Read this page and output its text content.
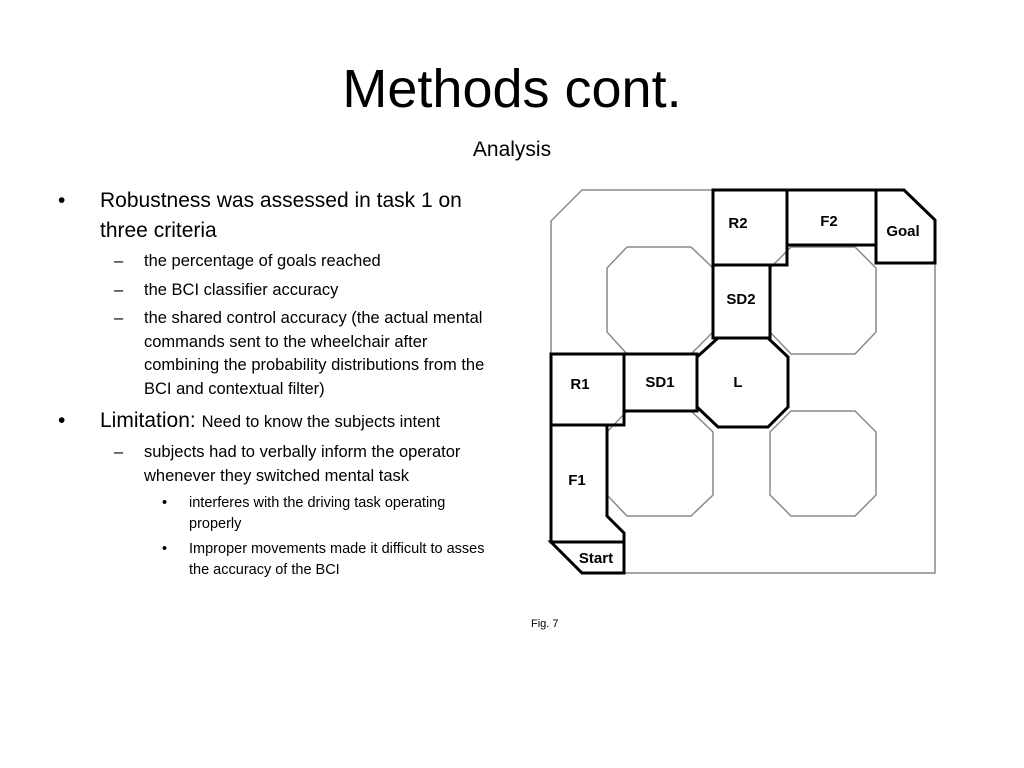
Methods cont.
Analysis
• Robustness was assessed in task 1 on three criteria
– the percentage of goals reached
– the BCI classifier accuracy
– the shared control accuracy (the actual mental commands sent to the wheelchair after combining the probability distributions from the BCI and contextual filter)
• Limitation: Need to know the subjects intent
– subjects had to verbally inform the operator whenever they switched mental task
• interferes with the driving task operating properly
• Improper movements made it difficult to asses the accuracy of the BCI
R2	F2
Goal
SD2
R1	SD1	L
F1
Start
Fig. 7
